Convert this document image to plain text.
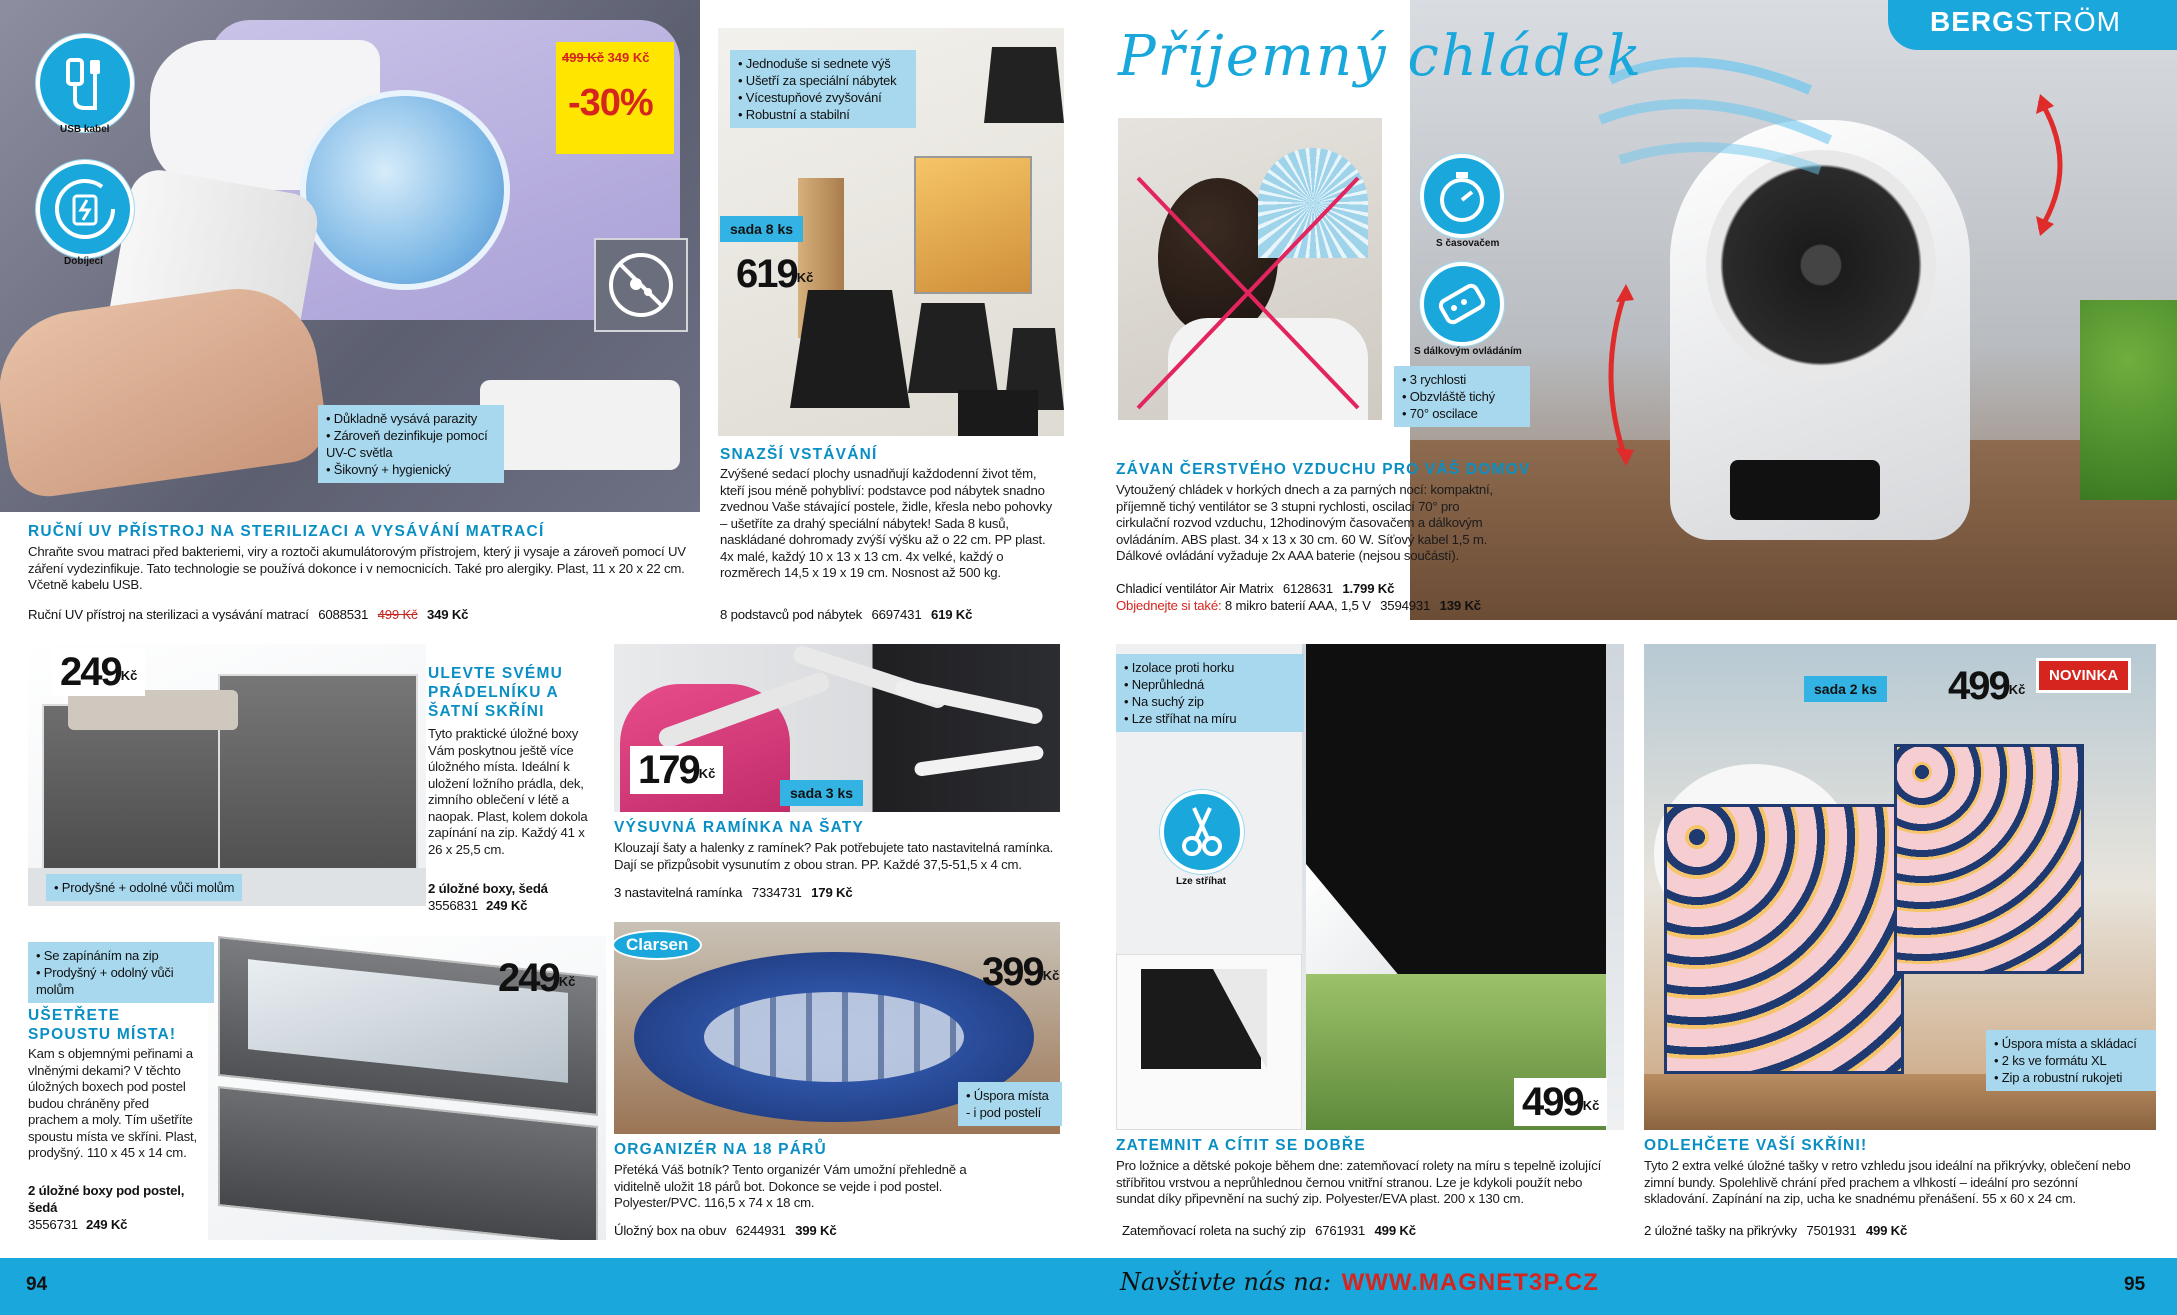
USB kabel
Dobíjecí
499 Kč 349 Kč
-30%
• Důkladně vysává parazity
• Zároveň dezinfikuje pomocí UV-C světla
• Šikovný + hygienický
RUČNÍ UV PŘÍSTROJ NA STERILIZACI A VYSÁVÁNÍ MATRACÍ
Chraňte svou matraci před bakteriemi, viry a roztoči akumulátorovým přístrojem, který ji vysaje a zároveň pomocí UV záření vydezinfikuje. Tato technologie se používá dokonce i v nemocnicích. Také pro alergiky. Plast, 11 x 20 x 22 cm. Včetně kabelu USB.
Ruční UV přístroj na sterilizaci a vysávání matrací 6088531 499 Kč 349 Kč
• Jednoduše si sednete výš
• Ušetří za speciální nábytek
• Vícestupňové zvyšování
• Robustní a stabilní
sada 8 ks
$619^{Kč}$
SNAZŠÍ VSTÁVÁNÍ
Zvýšené sedací plochy usnadňují každodenní život těm, kteří jsou méně pohybliví: podstavce pod nábytek snadno zvednou Vaše stávající postele, židle, křesla nebo pohovky – ušetříte za drahý speciální nábytek! Sada 8 kusů, naskládané dohromady zvýší výšku až o 22 cm. PP plast. 4x malé, každý 10 x 13 x 13 cm. 4x velké, každý o rozměrech 14,5 x 19 x 19 cm. Nosnost až 500 kg.
8 podstavců pod nábytek 6697431 619 Kč
$249^{Kč}$
• Prodyšné + odolné vůči molům
ULEVTE SVÉMU PRÁDELNÍKU A ŠATNÍ SKŘÍNI
Tyto praktické úložné boxy Vám poskytnou ještě více úložného místa. Ideální k uložení ložního prádla, dek, zimního oblečení v létě a naopak. Plast, kolem dokola zapínání na zip. Každý 41 x 26 x 25,5 cm.
2 úložné boxy, šedá
3556831 249 Kč
$179^{Kč}$
sada 3 ks
VÝSUVNÁ RAMÍNKA NA ŠATY
Klouzají šaty a halenky z ramínek? Pak potřebujete tato nastavitelná ramínka. Dají se přizpůsobit vysunutím z obou stran. PP. Každé 37,5-51,5 x 4 cm.
3 nastavitelná ramínka 7334731 179 Kč
• Se zapínáním na zip
• Prodyšný + odolný vůči molům	$249^{Kč}$
UŠETŘETE SPOUSTU MÍSTA!
Kam s objemnými peřinami a vlněnými dekami? V těchto úložných boxech pod postel budou chráněny před prachem a moly. Tím ušetříte spoustu místa ve skříni. Plast, prodyšný. 110 x 45 x 14 cm.
2 úložné boxy pod postel, šedá
3556731 249 Kč
Clarsen
$399^{Kč}$
• Úspora místa - i pod postelí
ORGANIZÉR NA 18 PÁRŮ
Přetéká Váš botník? Tento organizér Vám umožní přehledně a viditelně uložit 18 párů bot. Dokonce se vejde i pod postel. Polyester/PVC. 116,5 x 74 x 18 cm.
Úložný box na obuv 6244931 399 Kč
BERGSTRÖM
Příjemný chládek
S časovačem
S dálkovým ovládáním
• 3 rychlosti
• Obzvláště tichý
• 70° oscilace
ZÁVAN ČERSTVÉHO VZDUCHU PRO VÁŠ DOMOV
Vytoužený chládek v horkých dnech a za parných nocí: kompaktní, příjemně tichý ventilátor se 3 stupni rychlosti, oscilací 70° pro cirkulační rozvod vzduchu, 12hodinovým časovačem a dálkovým ovládáním. ABS plast. 34 x 13 x 30 cm. 60 W. Síťový kabel 1,5 m. Dálkové ovládání vyžaduje 2x AAA baterie (nejsou součástí).
Chladicí ventilátor Air Matrix 6128631 1.799 Kč
Objednejte si také: 8 mikro baterií AAA, 1,5 V 3594931 139 Kč
• Izolace proti horku
• Neprůhledná
• Na suchý zip
• Lze stříhat na míru
Lze stříhat
$499^{Kč}$
ZATEMNIT A CÍTIT SE DOBŘE
Pro ložnice a dětské pokoje během dne: zatemňovací rolety na míru s tepelně izolující stříbřitou vrstvou a neprůhlednou černou vnitřní stranou. Lze je kdykoli použít nebo sundat díky připevnění na suchý zip. Polyester/EVA plast. 200 x 130 cm.
Zatemňovací roleta na suchý zip 6761931 499 Kč
sada 2 ks $499^{Kč}$
NOVINKA
• Úspora místa a skládací
• 2 ks ve formátu XL
• Zip a robustní rukojeti
ODLEHČETE VAŠÍ SKŘÍNI!
Tyto 2 extra velké úložné tašky v retro vzhledu jsou ideální na přikrývky, oblečení nebo zimní bundy. Spolehlivě chrání před prachem a vlhkostí – ideální pro sezónní skladování. Zapínání na zip, ucha ke snadnému přenášení. 55 x 60 x 24 cm.
2 úložné tašky na přikrývky 7501931 499 Kč
94	95
Navštivte nás na: WWW.MAGNET3P.CZ
